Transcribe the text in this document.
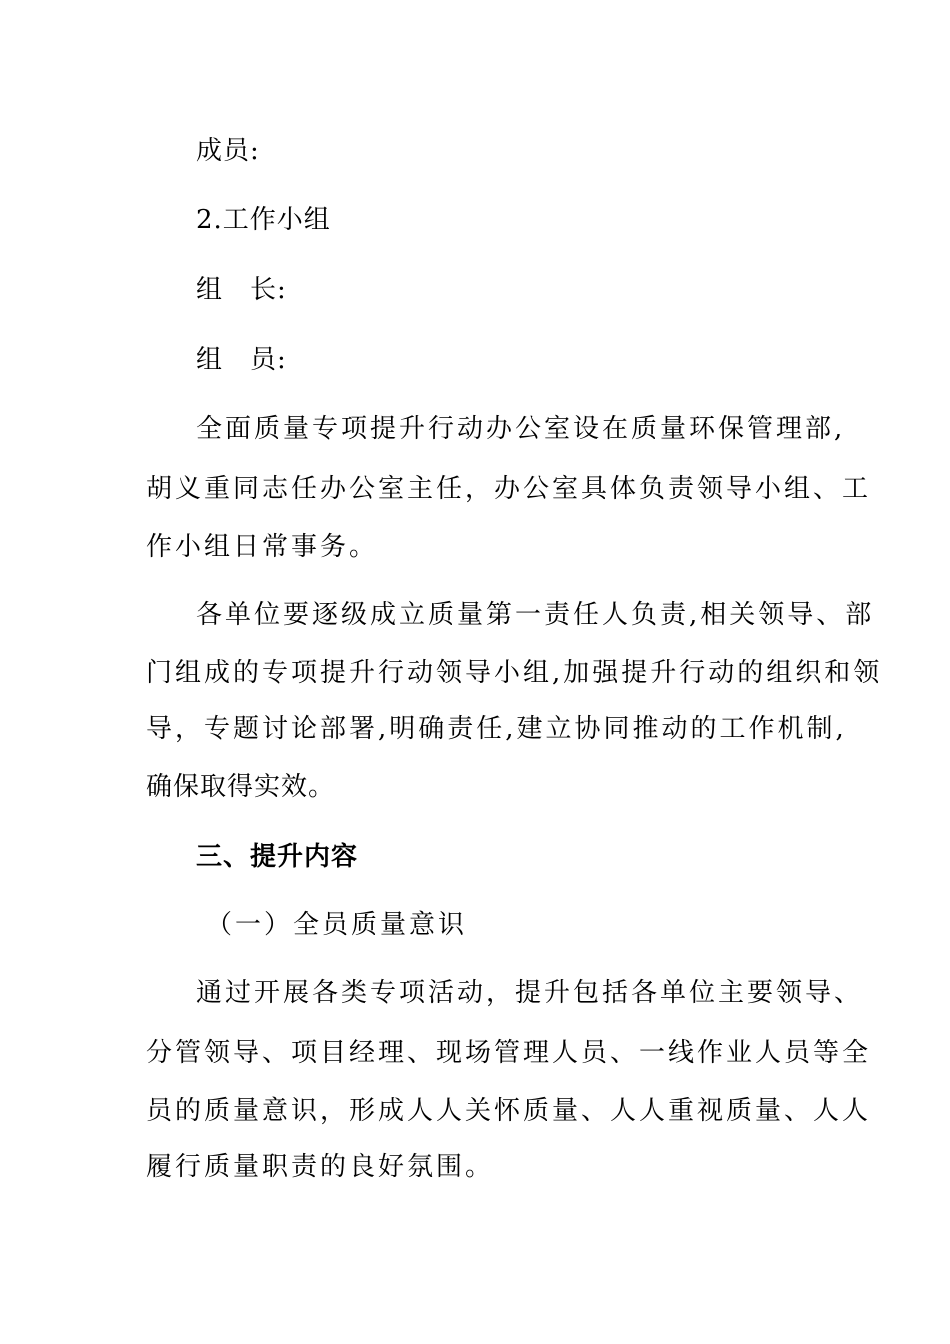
成员:
2.工作小组
组　长:
组　员:
全面质量专项提升行动办公室设在质量环保管理部,
胡义重同志任办公室主任，办公室具体负责领导小组、工
作小组日常事务。
各单位要逐级成立质量第一责任人负责,相关领导、部
门组成的专项提升行动领导小组,加强提升行动的组织和领
导，专题讨论部署,明确责任,建立协同推动的工作机制,
确保取得实效。
三、提升内容
（一）全员质量意识
通过开展各类专项活动，提升包括各单位主要领导、
分管领导、项目经理、现场管理人员、一线作业人员等全
员的质量意识，形成人人关怀质量、人人重视质量、人人
履行质量职责的良好氛围。
